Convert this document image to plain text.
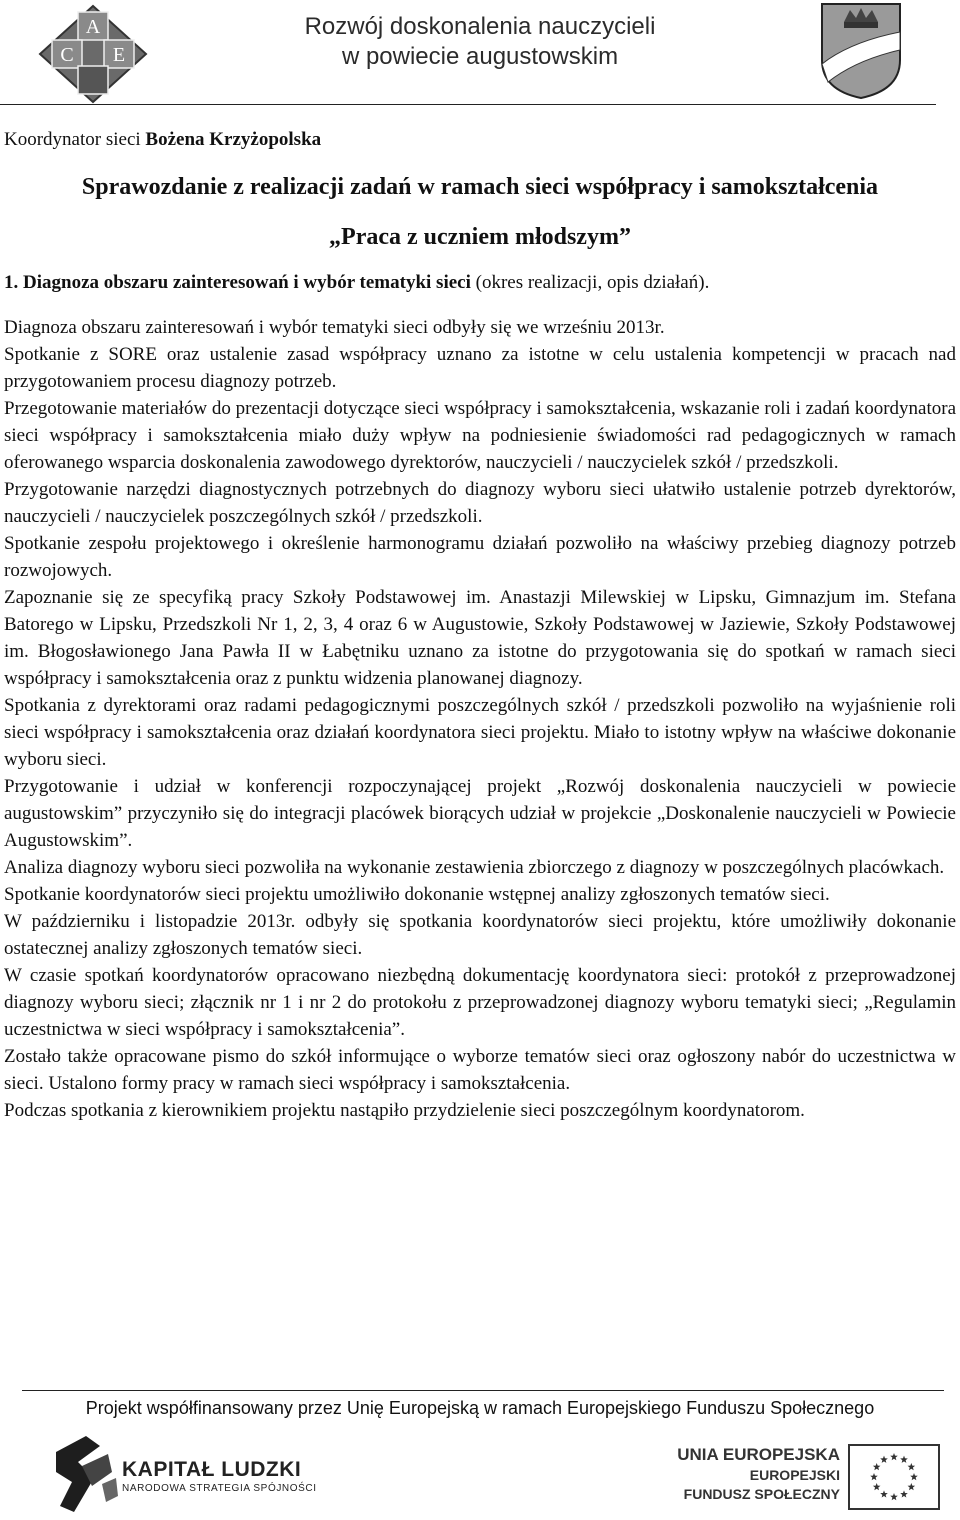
A
C E
Rozwój doskonalenia nauczycieli
w powiecie augustowskim

Koordynator sieci Bożena Krzyżopolska

Sprawozdanie z realizacji zadań w ramach sieci współpracy i samokształcenia
„Praca z uczniem młodszym”

1. Diagnoza obszaru zainteresowań i wybór tematyki sieci (okres realizacji, opis działań).

Diagnoza obszaru zainteresowań i wybór tematyki sieci odbyły się we wrześniu 2013r.

Spotkanie z SORE oraz ustalenie zasad współpracy uznano za istotne w celu ustalenia kompetencji w pracach nad przygotowaniem procesu diagnozy potrzeb.

Przegotowanie materiałów do prezentacji dotyczące sieci współpracy i samokształcenia, wskazanie roli i zadań koordynatora sieci współpracy i samokształcenia miało duży wpływ na podniesienie świadomości rad pedagogicznych w ramach oferowanego wsparcia doskonalenia zawodowego dyrektorów, nauczycieli / nauczycielek szkół / przedszkoli.

Przygotowanie narzędzi diagnostycznych potrzebnych do diagnozy wyboru sieci ułatwiło ustalenie potrzeb dyrektorów, nauczycieli / nauczycielek poszczególnych szkół / przedszkoli.

Spotkanie zespołu projektowego i określenie harmonogramu działań pozwoliło na właściwy przebieg diagnozy potrzeb rozwojowych.

Zapoznanie się ze specyfiką pracy Szkoły Podstawowej im. Anastazji Milewskiej w Lipsku, Gimnazjum im. Stefana Batorego w Lipsku, Przedszkoli Nr 1, 2, 3, 4 oraz 6 w Augustowie, Szkoły Podstawowej w Jaziewie, Szkoły Podstawowej im. Błogosławionego Jana Pawła II w Łabętniku uznano za istotne do przygotowania się do spotkań w ramach sieci współpracy i samokształcenia oraz z punktu widzenia planowanej diagnozy.

Spotkania z dyrektorami oraz radami pedagogicznymi poszczególnych szkół / przedszkoli pozwoliło na wyjaśnienie roli sieci współpracy i samokształcenia oraz działań koordynatora sieci projektu. Miało to istotny wpływ na właściwe dokonanie wyboru sieci.

Przygotowanie i udział w konferencji rozpoczynającej projekt „Rozwój doskonalenia nauczycieli w powiecie augustowskim” przyczyniło się do integracji placówek biorących udział w projekcie „Doskonalenie nauczycieli w Powiecie Augustowskim”.

Analiza diagnozy wyboru sieci pozwoliła na wykonanie zestawienia zbiorczego z diagnozy w poszczególnych placówkach.

Spotkanie koordynatorów sieci projektu umożliwiło dokonanie wstępnej analizy zgłoszonych tematów sieci.

W październiku i listopadzie 2013r. odbyły się spotkania koordynatorów sieci projektu, które umożliwiły dokonanie ostatecznej analizy zgłoszonych tematów sieci.

W czasie spotkań koordynatorów opracowano niezbędną dokumentację koordynatora sieci: protokół z przeprowadzonej diagnozy wyboru sieci; złącznik nr 1 i nr 2 do protokołu z przeprowadzonej diagnozy wyboru tematyki sieci; „Regulamin uczestnictwa w sieci współpracy i samokształcenia”.

Zostało także opracowane pismo do szkół informujące o wyborze tematów sieci oraz ogłoszony nabór do uczestnictwa w sieci. Ustalono formy pracy w ramach sieci współpracy i samokształcenia.

Podczas spotkania z kierownikiem projektu nastąpiło przydzielenie sieci poszczególnym koordynatorom.

Projekt współfinansowany przez Unię Europejską w ramach Europejskiego Funduszu Społecznego
KAPITAŁ LUDZKI
NARODOWA STRATEGIA SPÓJNOŚCI
UNIA EUROPEJSKA
EUROPEJSKI
FUNDUSZ SPOŁECZNY
